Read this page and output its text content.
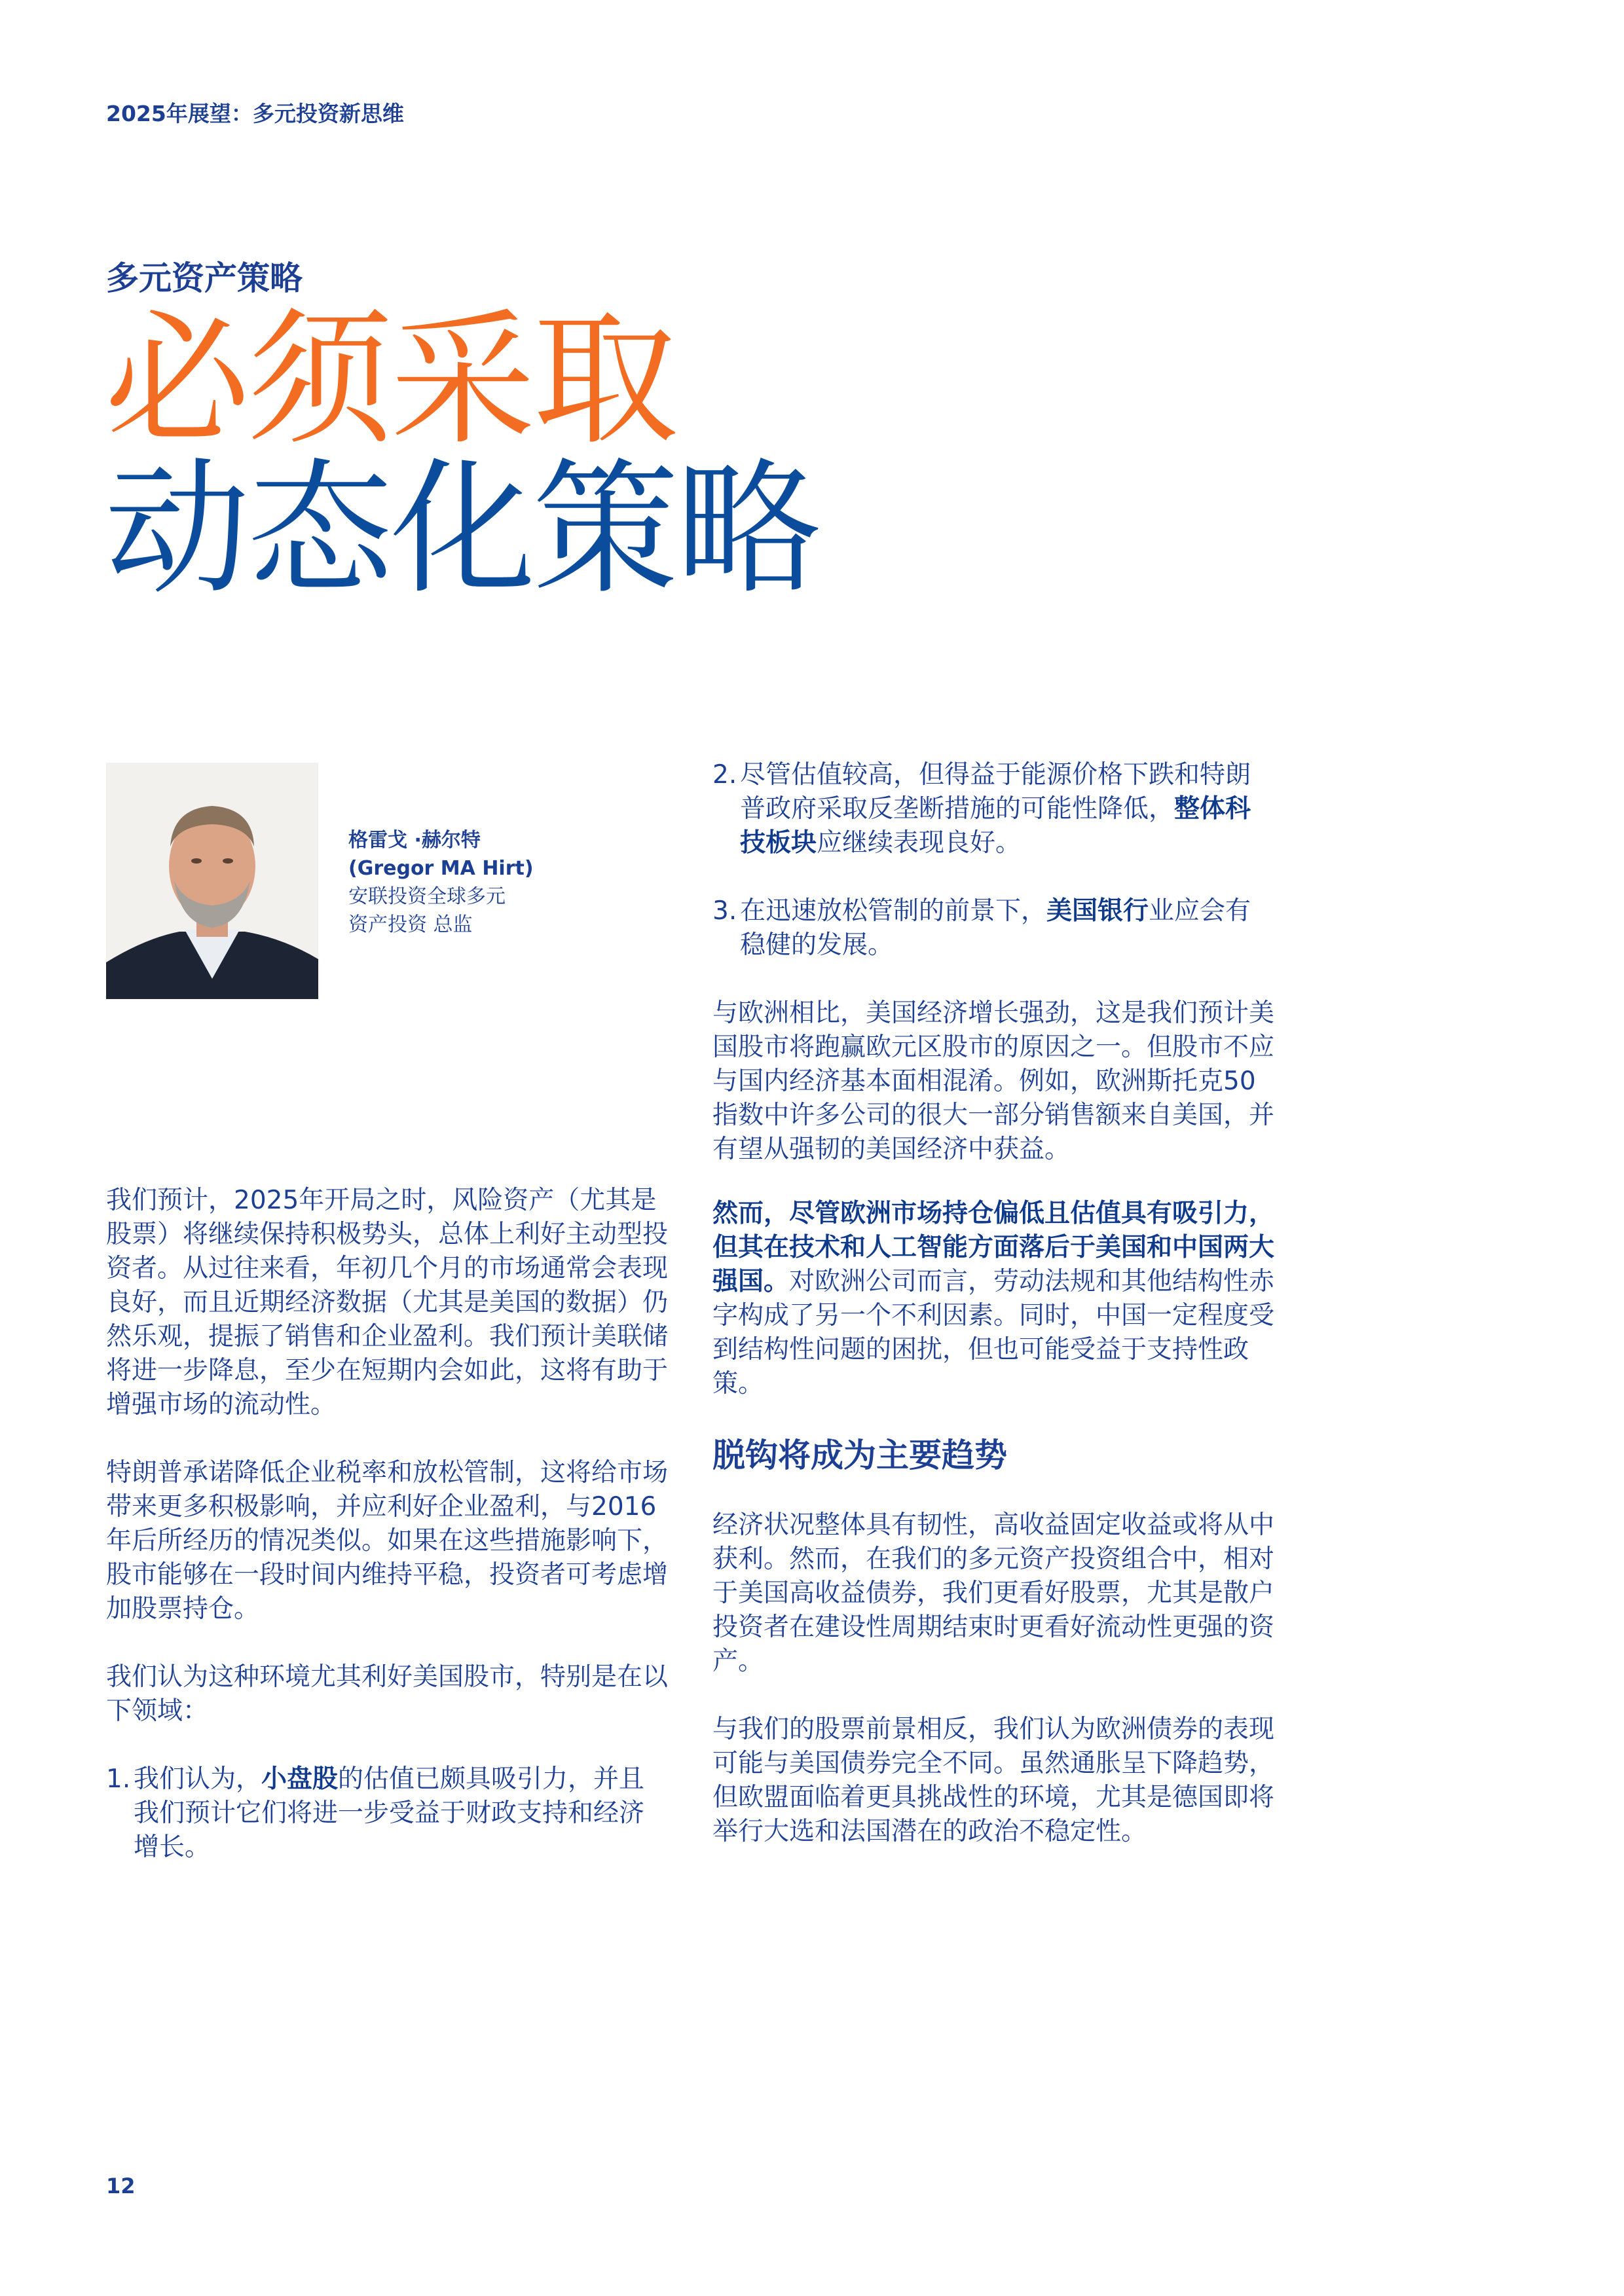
2025年展望：多元投资新思维
多元资产策略
必须采取
动态化策略
格雷戈 ·赫尔特
(Gregor MA Hirt)
安联投资全球多元
资产投资 总监

我们预计，2025年开局之时，风险资产（尤其是股票）将继续保持积极势头，总体上利好主动型投资者。从过往来看，年初几个月的市场通常会表现良好，而且近期经济数据（尤其是美国的数据）仍然乐观，提振了销售和企业盈利。我们预计美联储将进一步降息，至少在短期内会如此，这将有助于增强市场的流动性。

特朗普承诺降低企业税率和放松管制，这将给市场带来更多积极影响，并应利好企业盈利，与2016年后所经历的情况类似。如果在这些措施影响下，股市能够在一段时间内维持平稳，投资者可考虑增加股票持仓。

我们认为这种环境尤其利好美国股市，特别是在以下领域：

1. 我们认为，小盘股的估值已颇具吸引力，并且我们预计它们将进一步受益于财政支持和经济增长。
2. 尽管估值较高，但得益于能源价格下跌和特朗普政府采取反垄断措施的可能性降低，整体科技板块应继续表现良好。
3. 在迅速放松管制的前景下，美国银行业应会有稳健的发展。

与欧洲相比，美国经济增长强劲，这是我们预计美国股市将跑赢欧元区股市的原因之一。但股市不应与国内经济基本面相混淆。例如，欧洲斯托克50指数中许多公司的很大一部分销售额来自美国，并有望从强韧的美国经济中获益。

然而，尽管欧洲市场持仓偏低且估值具有吸引力，但其在技术和人工智能方面落后于美国和中国两大强国。对欧洲公司而言，劳动法规和其他结构性赤字构成了另一个不利因素。同时，中国一定程度受到结构性问题的困扰，但也可能受益于支持性政策。

脱钩将成为主要趋势

经济状况整体具有韧性，高收益固定收益或将从中获利。然而，在我们的多元资产投资组合中，相对于美国高收益债券，我们更看好股票，尤其是散户投资者在建设性周期结束时更看好流动性更强的资产。

与我们的股票前景相反，我们认为欧洲债券的表现可能与美国债券完全不同。虽然通胀呈下降趋势，但欧盟面临着更具挑战性的环境，尤其是德国即将举行大选和法国潜在的政治不稳定性。

12
